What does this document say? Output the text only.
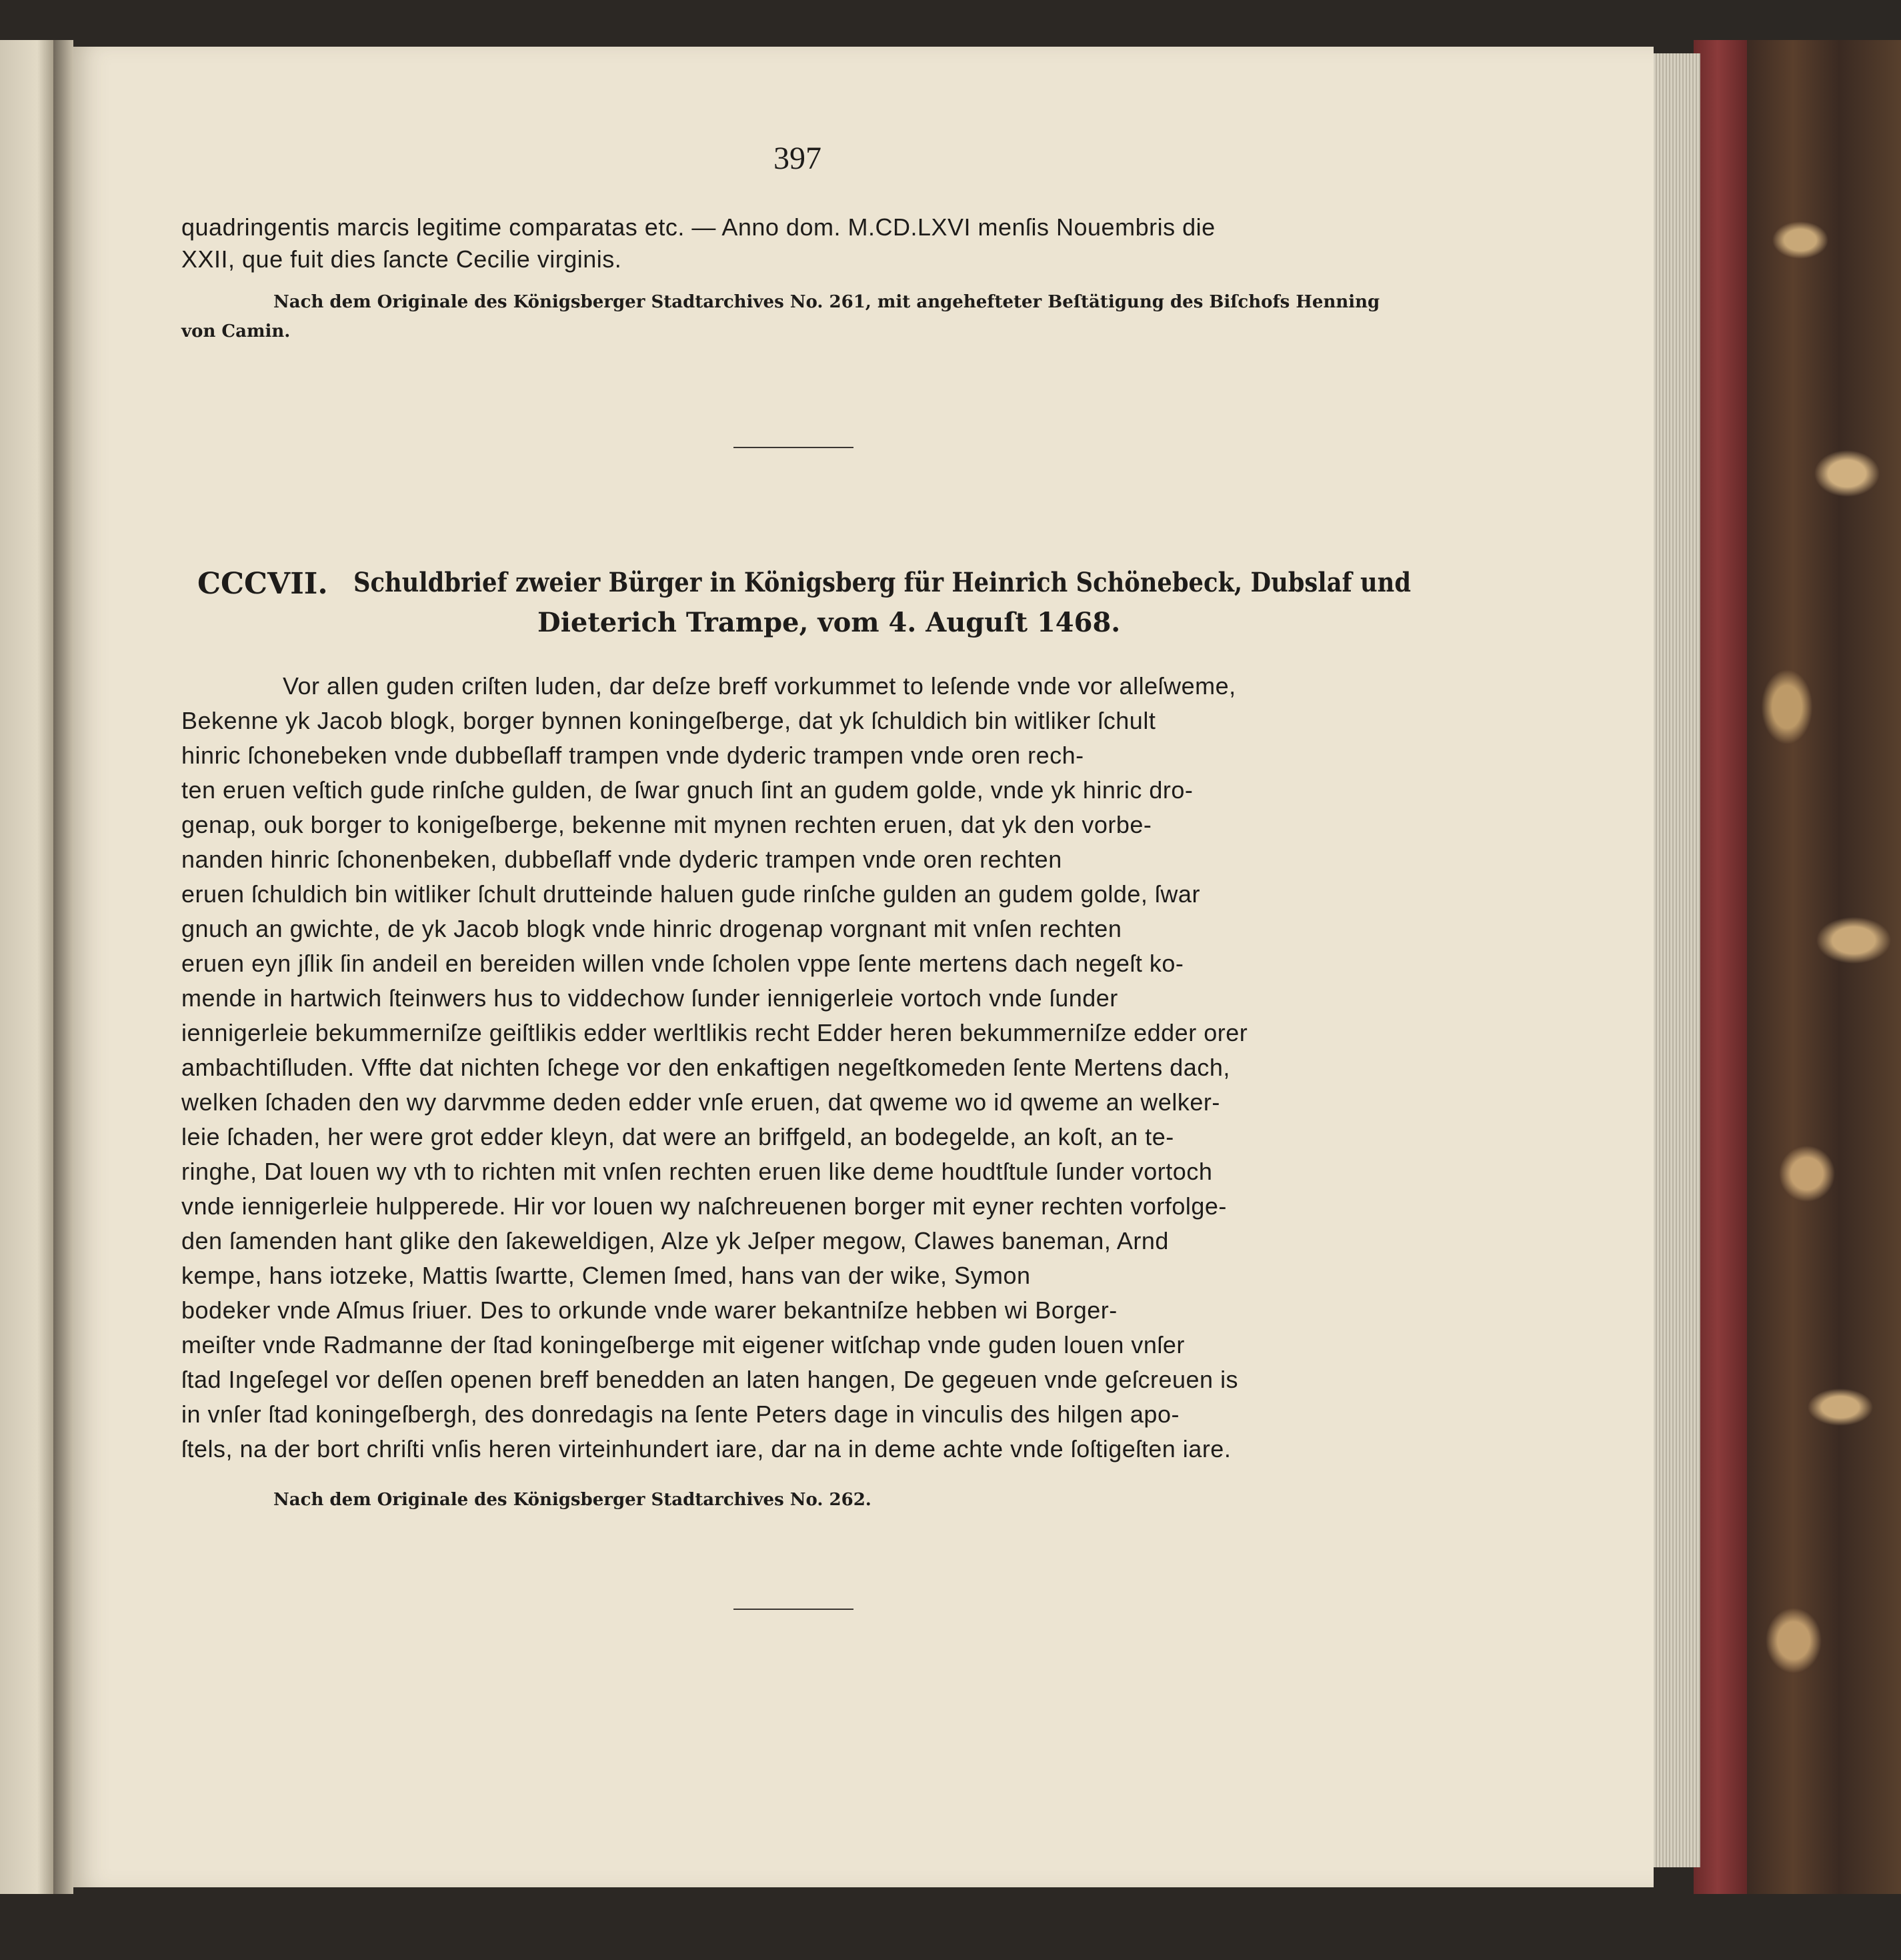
397
quadringentis marcis legitime comparatas etc. — Anno dom. M.CD.LXVI menſis Nouembris die
XXII, que fuit dies ſancte Cecilie virginis.
Nach dem Originale des Königsberger Stadtarchives No. 261, mit angehefteter Beſtätigung des Biſchofs Henning
von Camin.
CCCVII. Schuldbrief zweier Bürger in Königsberg für Heinrich Schönebeck, Dubslaf und
Dieterich Trampe, vom 4. Auguſt 1468.
Vor allen guden criſten luden, dar deſze breff vorkummet to leſende vnde vor alleſweme,
Bekenne yk Jacob blogk, borger bynnen koningeſberge, dat yk ſchuldich bin witliker ſchult
hinric ſchonebeken vnde dubbeſlaff trampen vnde dyderic trampen vnde oren rech-
ten eruen veſtich gude rinſche gulden, de ſwar gnuch ſint an gudem golde, vnde yk hinric dro-
genap, ouk borger to konigeſberge, bekenne mit mynen rechten eruen, dat yk den vorbe-
nanden hinric ſchonenbeken, dubbeſlaff vnde dyderic trampen vnde oren rechten
eruen ſchuldich bin witliker ſchult drutteinde haluen gude rinſche gulden an gudem golde, ſwar
gnuch an gwichte, de yk Jacob blogk vnde hinric drogenap vorgnant mit vnſen rechten
eruen eyn jſlik ſin andeil en bereiden willen vnde ſcholen vppe ſente mertens dach negeſt ko-
mende in hartwich ſteinwers hus to viddechow ſunder iennigerleie vortoch vnde ſunder
iennigerleie bekummerniſze geiſtlikis edder werltlikis recht Edder heren bekummerniſze edder orer
ambachtiſluden. Vffte dat nichten ſchege vor den enkaftigen negeſtkomeden ſente Mertens dach,
welken ſchaden den wy darvmme deden edder vnſe eruen, dat qweme wo id qweme an welker-
leie ſchaden, her were grot edder kleyn, dat were an briffgeld, an bodegelde, an koſt, an te-
ringhe, Dat louen wy vth to richten mit vnſen rechten eruen like deme houdtſtule ſunder vortoch
vnde iennigerleie hulpperede. Hir vor louen wy naſchreuenen borger mit eyner rechten vorfolge-
den ſamenden hant glike den ſakeweldigen, Alze yk Jeſper megow, Clawes baneman, Arnd
kempe, hans iotzeke, Mattis ſwartte, Clemen ſmed, hans van der wike, Symon
bodeker vnde Aſmus ſriuer. Des to orkunde vnde warer bekantniſze hebben wi Borger-
meiſter vnde Radmanne der ſtad koningeſberge mit eigener witſchap vnde guden louen vnſer
ſtad Ingeſegel vor deſſen openen breff benedden an laten hangen, De gegeuen vnde geſcreuen is
in vnſer ſtad koningeſbergh, des donredagis na ſente Peters dage in vinculis des hilgen apo-
ſtels, na der bort chriſti vnſis heren virteinhundert iare, dar na in deme achte vnde ſoſtigeſten iare.
Nach dem Originale des Königsberger Stadtarchives No. 262.
